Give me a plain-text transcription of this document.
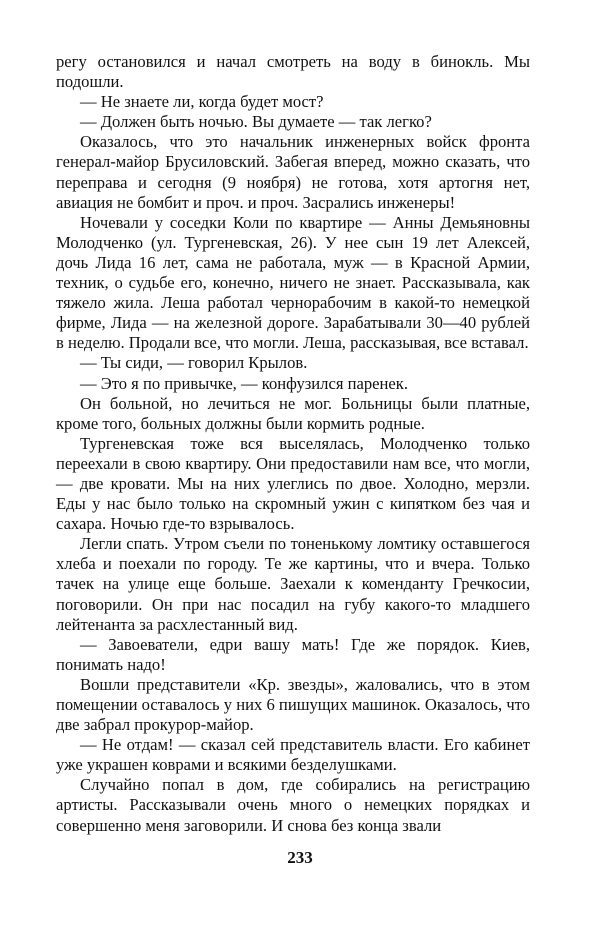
регу остановился и начал смотреть на воду в бинокль. Мы подошли.

— Не знаете ли, когда будет мост?

— Должен быть ночью. Вы думаете — так легко?

Оказалось, что это начальник инженерных войск фронта генерал-майор Брусиловский. Забегая вперед, можно сказать, что переправа и сегодня (9 ноября) не готова, хотя артогня нет, авиация не бомбит и проч. и проч. Засрались инженеры!

Ночевали у соседки Коли по квартире — Анны Демьяновны Молодченко (ул. Тургеневская, 26). У нее сын 19 лет Алексей, дочь Лида 16 лет, сама не работала, муж — в Красной Армии, техник, о судьбе его, конечно, ничего не знает. Рассказывала, как тяжело жила. Леша работал чернорабочим в какой-то немецкой фирме, Лида — на железной дороге. Зарабатывали 30—40 рублей в неделю. Продали все, что могли. Леша, рассказывая, все вставал.

— Ты сиди, — говорил Крылов.

— Это я по привычке, — конфузился паренек.

Он больной, но лечиться не мог. Больницы были платные, кроме того, больных должны были кормить родные.

Тургеневская тоже вся выселялась, Молодченко только переехали в свою квартиру. Они предоставили нам все, что могли, — две кровати. Мы на них улеглись по двое. Холодно, мерзли. Еды у нас было только на скромный ужин с кипятком без чая и сахара. Ночью где-то взрывалось.

Легли спать. Утром съели по тоненькому ломтику оставшегося хлеба и поехали по городу. Те же картины, что и вчера. Только тачек на улице еще больше. Заехали к коменданту Гречкосии, поговорили. Он при нас посадил на губу какого-то младшего лейтенанта за расхлестанный вид.

— Завоеватели, едри вашу мать! Где же порядок. Киев, понимать надо!

Вошли представители «Кр. звезды», жаловались, что в этом помещении оставалось у них 6 пишущих машинок. Оказалось, что две забрал прокурор-майор.

— Не отдам! — сказал сей представитель власти. Его кабинет уже украшен коврами и всякими безделушками.

Случайно попал в дом, где собирались на регистрацию артисты. Рассказывали очень много о немецких порядках и совершенно меня заговорили. И снова без конца звали

233
